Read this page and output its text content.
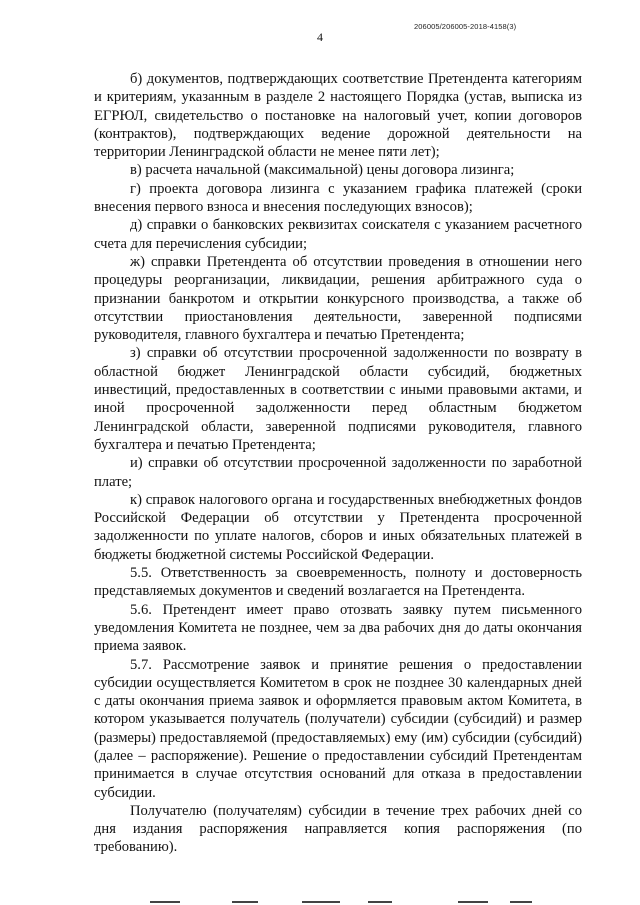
206005/206005-2018-4158(3)
4

б) документов, подтверждающих соответствие Претендента категориям и критериям, указанным в разделе 2 настоящего Порядка (устав, выписка из ЕГРЮЛ, свидетельство о постановке на налоговый учет, копии договоров (контрактов), подтверждающих ведение дорожной деятельности на территории Ленинградской области не менее пяти лет);

в) расчета начальной (максимальной) цены договора лизинга;

г) проекта договора лизинга с указанием графика платежей (сроки внесения первого взноса и внесения последующих взносов);

д) справки о банковских реквизитах соискателя с указанием расчетного счета для перечисления субсидии;

ж) справки Претендента об отсутствии проведения в отношении него процедуры реорганизации, ликвидации, решения арбитражного суда о признании банкротом и открытии конкурсного производства, а также об отсутствии приостановления деятельности, заверенной подписями руководителя, главного бухгалтера и печатью Претендента;

з) справки об отсутствии просроченной задолженности по возврату в областной бюджет Ленинградской области субсидий, бюджетных инвестиций, предоставленных в соответствии с иными правовыми актами, и иной просроченной задолженности перед областным бюджетом Ленинградской области, заверенной подписями руководителя, главного бухгалтера и печатью Претендента;

и) справки об отсутствии просроченной задолженности по заработной плате;

к) справок налогового органа и государственных внебюджетных фондов Российской Федерации об отсутствии у Претендента просроченной задолженности по уплате налогов, сборов и иных обязательных платежей в бюджеты бюджетной системы Российской Федерации.

5.5. Ответственность за своевременность, полноту и достоверность представляемых документов и сведений возлагается на Претендента.

5.6. Претендент имеет право отозвать заявку путем письменного уведомления Комитета не позднее, чем за два рабочих дня до даты окончания приема заявок.

5.7. Рассмотрение заявок и принятие решения о предоставлении субсидии осуществляется Комитетом в срок не позднее 30 календарных дней с даты окончания приема заявок и оформляется правовым актом Комитета, в котором указывается получатель (получатели) субсидии (субсидий) и размер (размеры) предоставляемой (предоставляемых) ему (им) субсидии (субсидий) (далее – распоряжение). Решение о предоставлении субсидий Претендентам принимается в случае отсутствия оснований для отказа в предоставлении субсидии.

Получателю (получателям) субсидии в течение трех рабочих дней со дня издания распоряжения направляется копия распоряжения (по требованию).
